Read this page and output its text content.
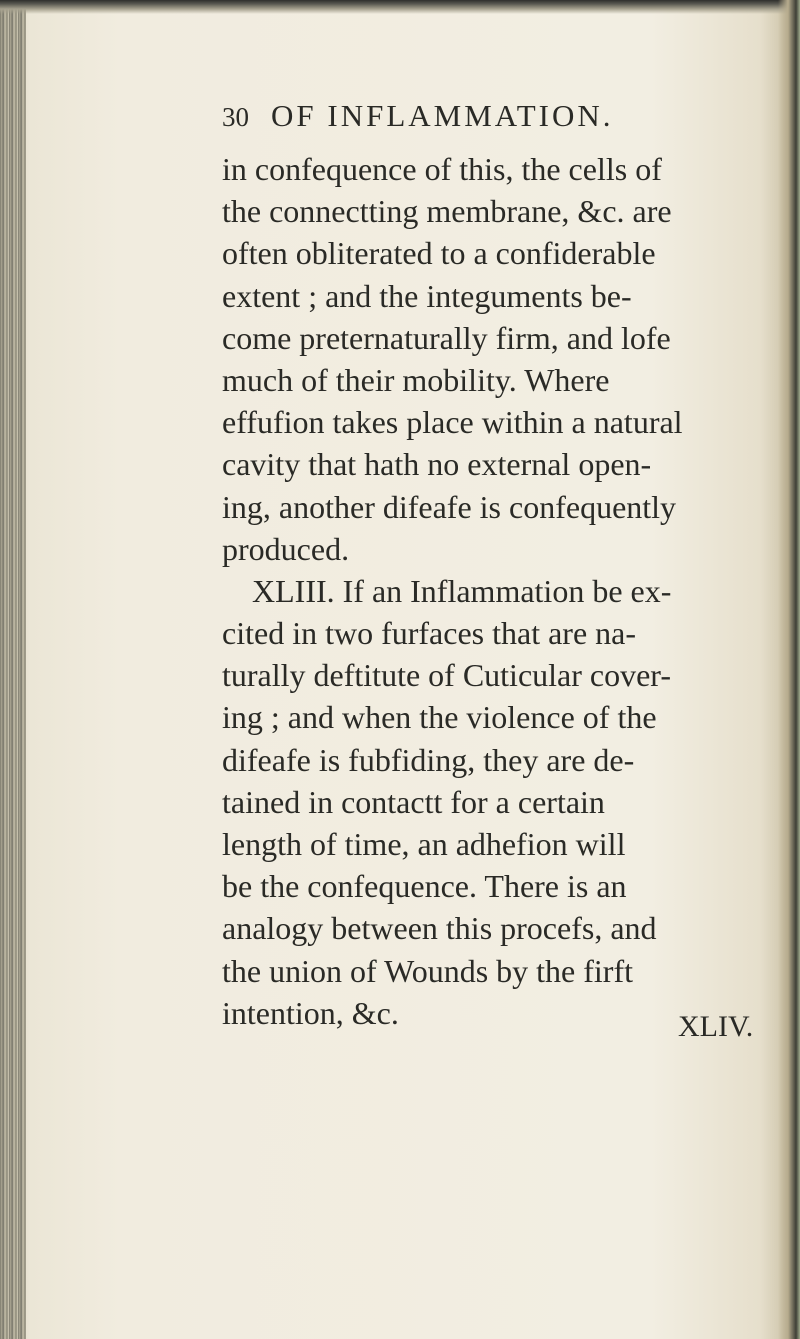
30 OF INFLAMMATION.
in confequence of this, the cells of
the connectting membrane, &c. are
often obliterated to a confiderable
extent ; and the integuments be-
come preternaturally firm, and lofe
much of their mobility. Where
effufion takes place within a natural
cavity that hath no external open-
ing, another difeafe is confequently
produced.
XLIII. If an Inflammation be ex-
cited in two furfaces that are na-
turally deftitute of Cuticular cover-
ing ; and when the violence of the
difeafe is fubfiding, they are de-
tained in contactt for a certain
length of time, an adhefion will
be the confequence. There is an
analogy between this procefs, and
the union of Wounds by the firft
intention, &c.	XLIV.
